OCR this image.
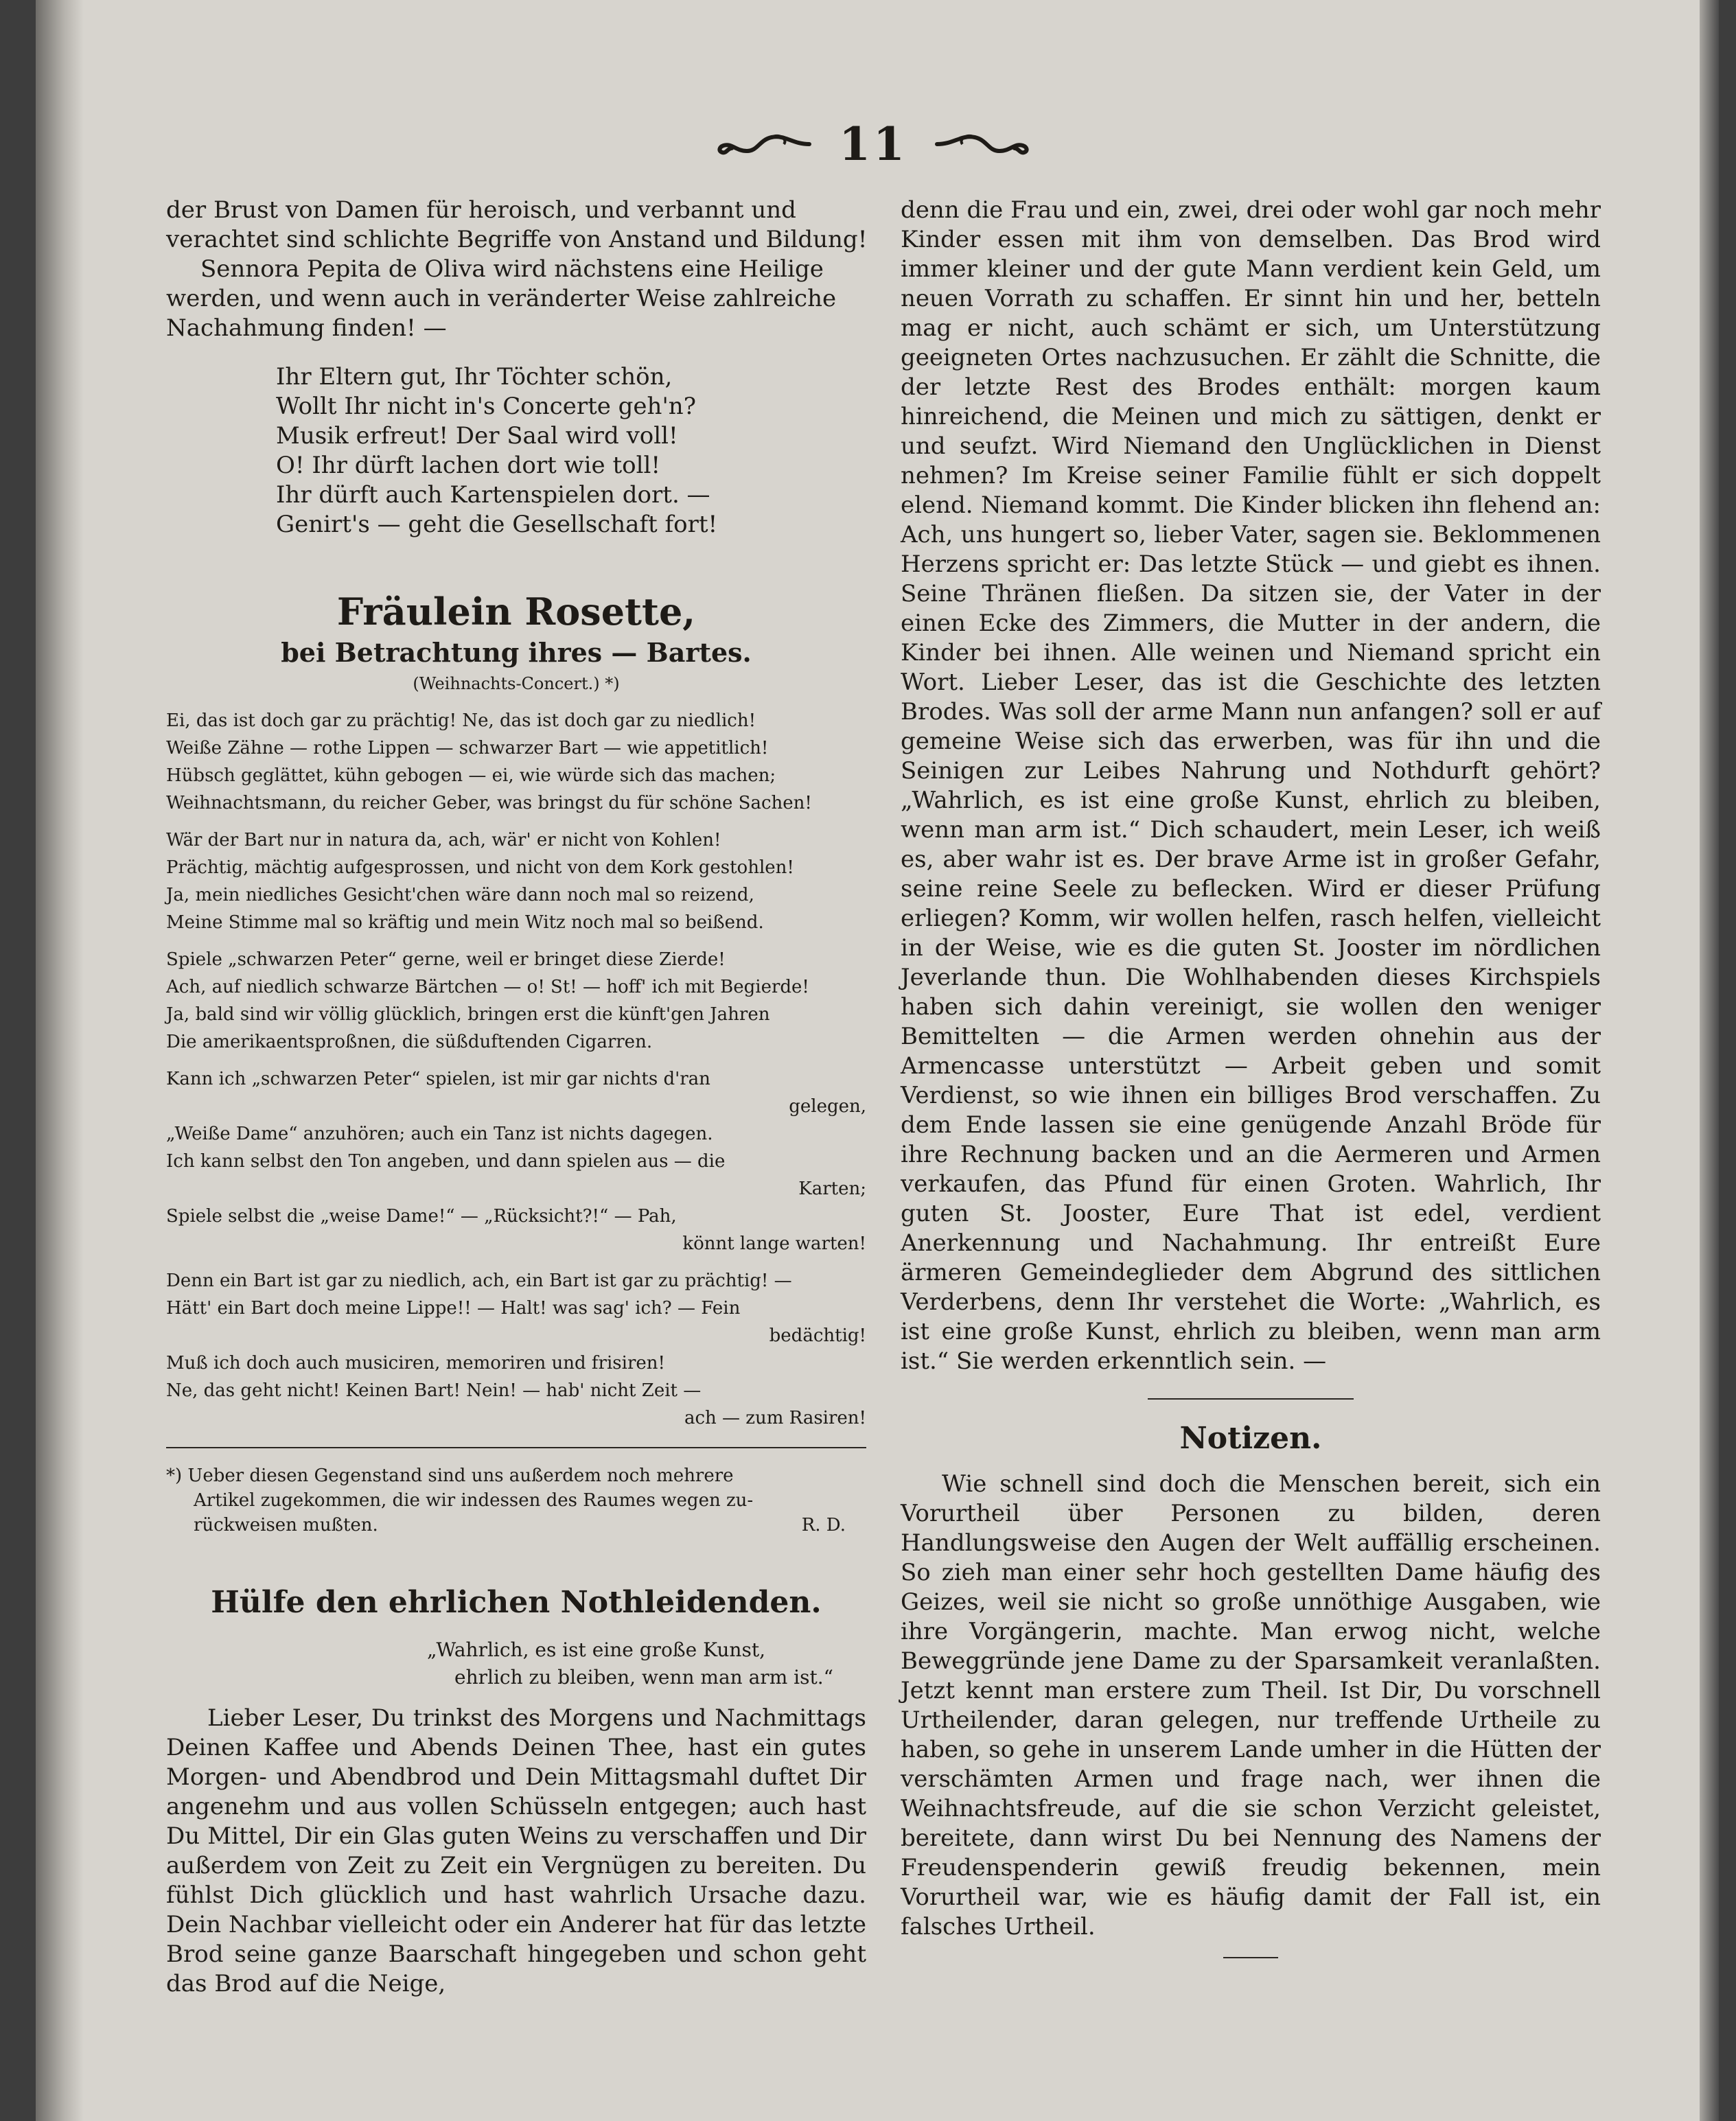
11
der Brust von Damen für heroisch, und verbannt und
verachtet sind schlichte Begriffe von Anstand und Bildung!
Sennora Pepita de Oliva wird nächstens eine Heilige
werden, und wenn auch in veränderter Weise zahlreiche
Nachahmung finden! —
Ihr Eltern gut, Ihr Töchter schön,
Wollt Ihr nicht in's Concerte geh'n?
Musik erfreut! Der Saal wird voll!
O! Ihr dürft lachen dort wie toll!
Ihr dürft auch Kartenspielen dort. —
Genirt's — geht die Gesellschaft fort!
Fräulein Rosette,
bei Betrachtung ihres — Bartes.
(Weihnachts-Concert.) *)
Ei, das ist doch gar zu prächtig! Ne, das ist doch gar zu niedlich!
Weiße Zähne — rothe Lippen — schwarzer Bart — wie appetitlich!
Hübsch geglättet, kühn gebogen — ei, wie würde sich das machen;
Weihnachtsmann, du reicher Geber, was bringst du für schöne Sachen!
Wär der Bart nur in natura da, ach, wär' er nicht von Kohlen!
Prächtig, mächtig aufgesprossen, und nicht von dem Kork gestohlen!
Ja, mein niedliches Gesicht'chen wäre dann noch mal so reizend,
Meine Stimme mal so kräftig und mein Witz noch mal so beißend.
Spiele „schwarzen Peter“ gerne, weil er bringet diese Zierde!
Ach, auf niedlich schwarze Bärtchen — o! St! — hoff' ich mit Begierde!
Ja, bald sind wir völlig glücklich, bringen erst die künft'gen Jahren
Die amerikaentsproßnen, die süßduftenden Cigarren.
Kann ich „schwarzen Peter“ spielen, ist mir gar nichts d'ran
gelegen,
„Weiße Dame“ anzuhören; auch ein Tanz ist nichts dagegen.
Ich kann selbst den Ton angeben, und dann spielen aus — die
Karten;
Spiele selbst die „weise Dame!“ — „Rücksicht?!“ — Pah,
könnt lange warten!
Denn ein Bart ist gar zu niedlich, ach, ein Bart ist gar zu prächtig! —
Hätt' ein Bart doch meine Lippe!! — Halt! was sag' ich? — Fein
bedächtig!
Muß ich doch auch musiciren, memoriren und frisiren!
Ne, das geht nicht! Keinen Bart! Nein! — hab' nicht Zeit —
ach — zum Rasiren!
*) Ueber diesen Gegenstand sind uns außerdem noch mehrere
Artikel zugekommen, die wir indessen des Raumes wegen zu-
rückweisen mußten.	R. D.
Hülfe den ehrlichen Nothleidenden.
„Wahrlich, es ist eine große Kunst,
ehrlich zu bleiben, wenn man arm ist.“

Lieber Leser, Du trinkst des Morgens und Nachmittags Deinen Kaffee und Abends Deinen Thee, hast ein gutes Morgen- und Abendbrod und Dein Mittagsmahl duftet Dir angenehm und aus vollen Schüsseln entgegen; auch hast Du Mittel, Dir ein Glas guten Weins zu verschaffen und Dir außerdem von Zeit zu Zeit ein Vergnügen zu bereiten. Du fühlst Dich glücklich und hast wahrlich Ursache dazu. Dein Nachbar vielleicht oder ein Anderer hat für das letzte Brod seine ganze Baarschaft hingegeben und schon geht das Brod auf die Neige,

denn die Frau und ein, zwei, drei oder wohl gar noch mehr Kinder essen mit ihm von demselben. Das Brod wird immer kleiner und der gute Mann verdient kein Geld, um neuen Vorrath zu schaffen. Er sinnt hin und her, betteln mag er nicht, auch schämt er sich, um Unterstützung geeigneten Ortes nachzusuchen. Er zählt die Schnitte, die der letzte Rest des Brodes enthält: morgen kaum hinreichend, die Meinen und mich zu sättigen, denkt er und seufzt. Wird Niemand den Unglücklichen in Dienst nehmen? Im Kreise seiner Familie fühlt er sich doppelt elend. Niemand kommt. Die Kinder blicken ihn flehend an: Ach, uns hungert so, lieber Vater, sagen sie. Beklommenen Herzens spricht er: Das letzte Stück — und giebt es ihnen. Seine Thränen fließen. Da sitzen sie, der Vater in der einen Ecke des Zimmers, die Mutter in der andern, die Kinder bei ihnen. Alle weinen und Niemand spricht ein Wort. Lieber Leser, das ist die Geschichte des letzten Brodes. Was soll der arme Mann nun anfangen? soll er auf gemeine Weise sich das erwerben, was für ihn und die Seinigen zur Leibes Nahrung und Nothdurft gehört? „Wahrlich, es ist eine große Kunst, ehrlich zu bleiben, wenn man arm ist.“ Dich schaudert, mein Leser, ich weiß es, aber wahr ist es. Der brave Arme ist in großer Gefahr, seine reine Seele zu beflecken. Wird er dieser Prüfung erliegen? Komm, wir wollen helfen, rasch helfen, vielleicht in der Weise, wie es die guten St. Jooster im nördlichen Jeverlande thun. Die Wohlhabenden dieses Kirchspiels haben sich dahin vereinigt, sie wollen den weniger Bemittelten — die Armen werden ohnehin aus der Armencasse unterstützt — Arbeit geben und somit Verdienst, so wie ihnen ein billiges Brod verschaffen. Zu dem Ende lassen sie eine genügende Anzahl Bröde für ihre Rechnung backen und an die Aermeren und Armen verkaufen, das Pfund für einen Groten. Wahrlich, Ihr guten St. Jooster, Eure That ist edel, verdient Anerkennung und Nachahmung. Ihr entreißt Eure ärmeren Gemeindeglieder dem Abgrund des sittlichen Verderbens, denn Ihr verstehet die Worte: „Wahrlich, es ist eine große Kunst, ehrlich zu bleiben, wenn man arm ist.“ Sie werden erkenntlich sein. —

Notizen.

Wie schnell sind doch die Menschen bereit, sich ein Vorurtheil über Personen zu bilden, deren Handlungsweise den Augen der Welt auffällig erscheinen. So zieh man einer sehr hoch gestellten Dame häufig des Geizes, weil sie nicht so große unnöthige Ausgaben, wie ihre Vorgängerin, machte. Man erwog nicht, welche Beweggründe jene Dame zu der Sparsamkeit veranlaßten. Jetzt kennt man erstere zum Theil. Ist Dir, Du vorschnell Urtheilender, daran gelegen, nur treffende Urtheile zu haben, so gehe in unserem Lande umher in die Hütten der verschämten Armen und frage nach, wer ihnen die Weihnachtsfreude, auf die sie schon Verzicht geleistet, bereitete, dann wirst Du bei Nennung des Namens der Freudenspenderin gewiß freudig bekennen, mein Vorurtheil war, wie es häufig damit der Fall ist, ein falsches Urtheil.
